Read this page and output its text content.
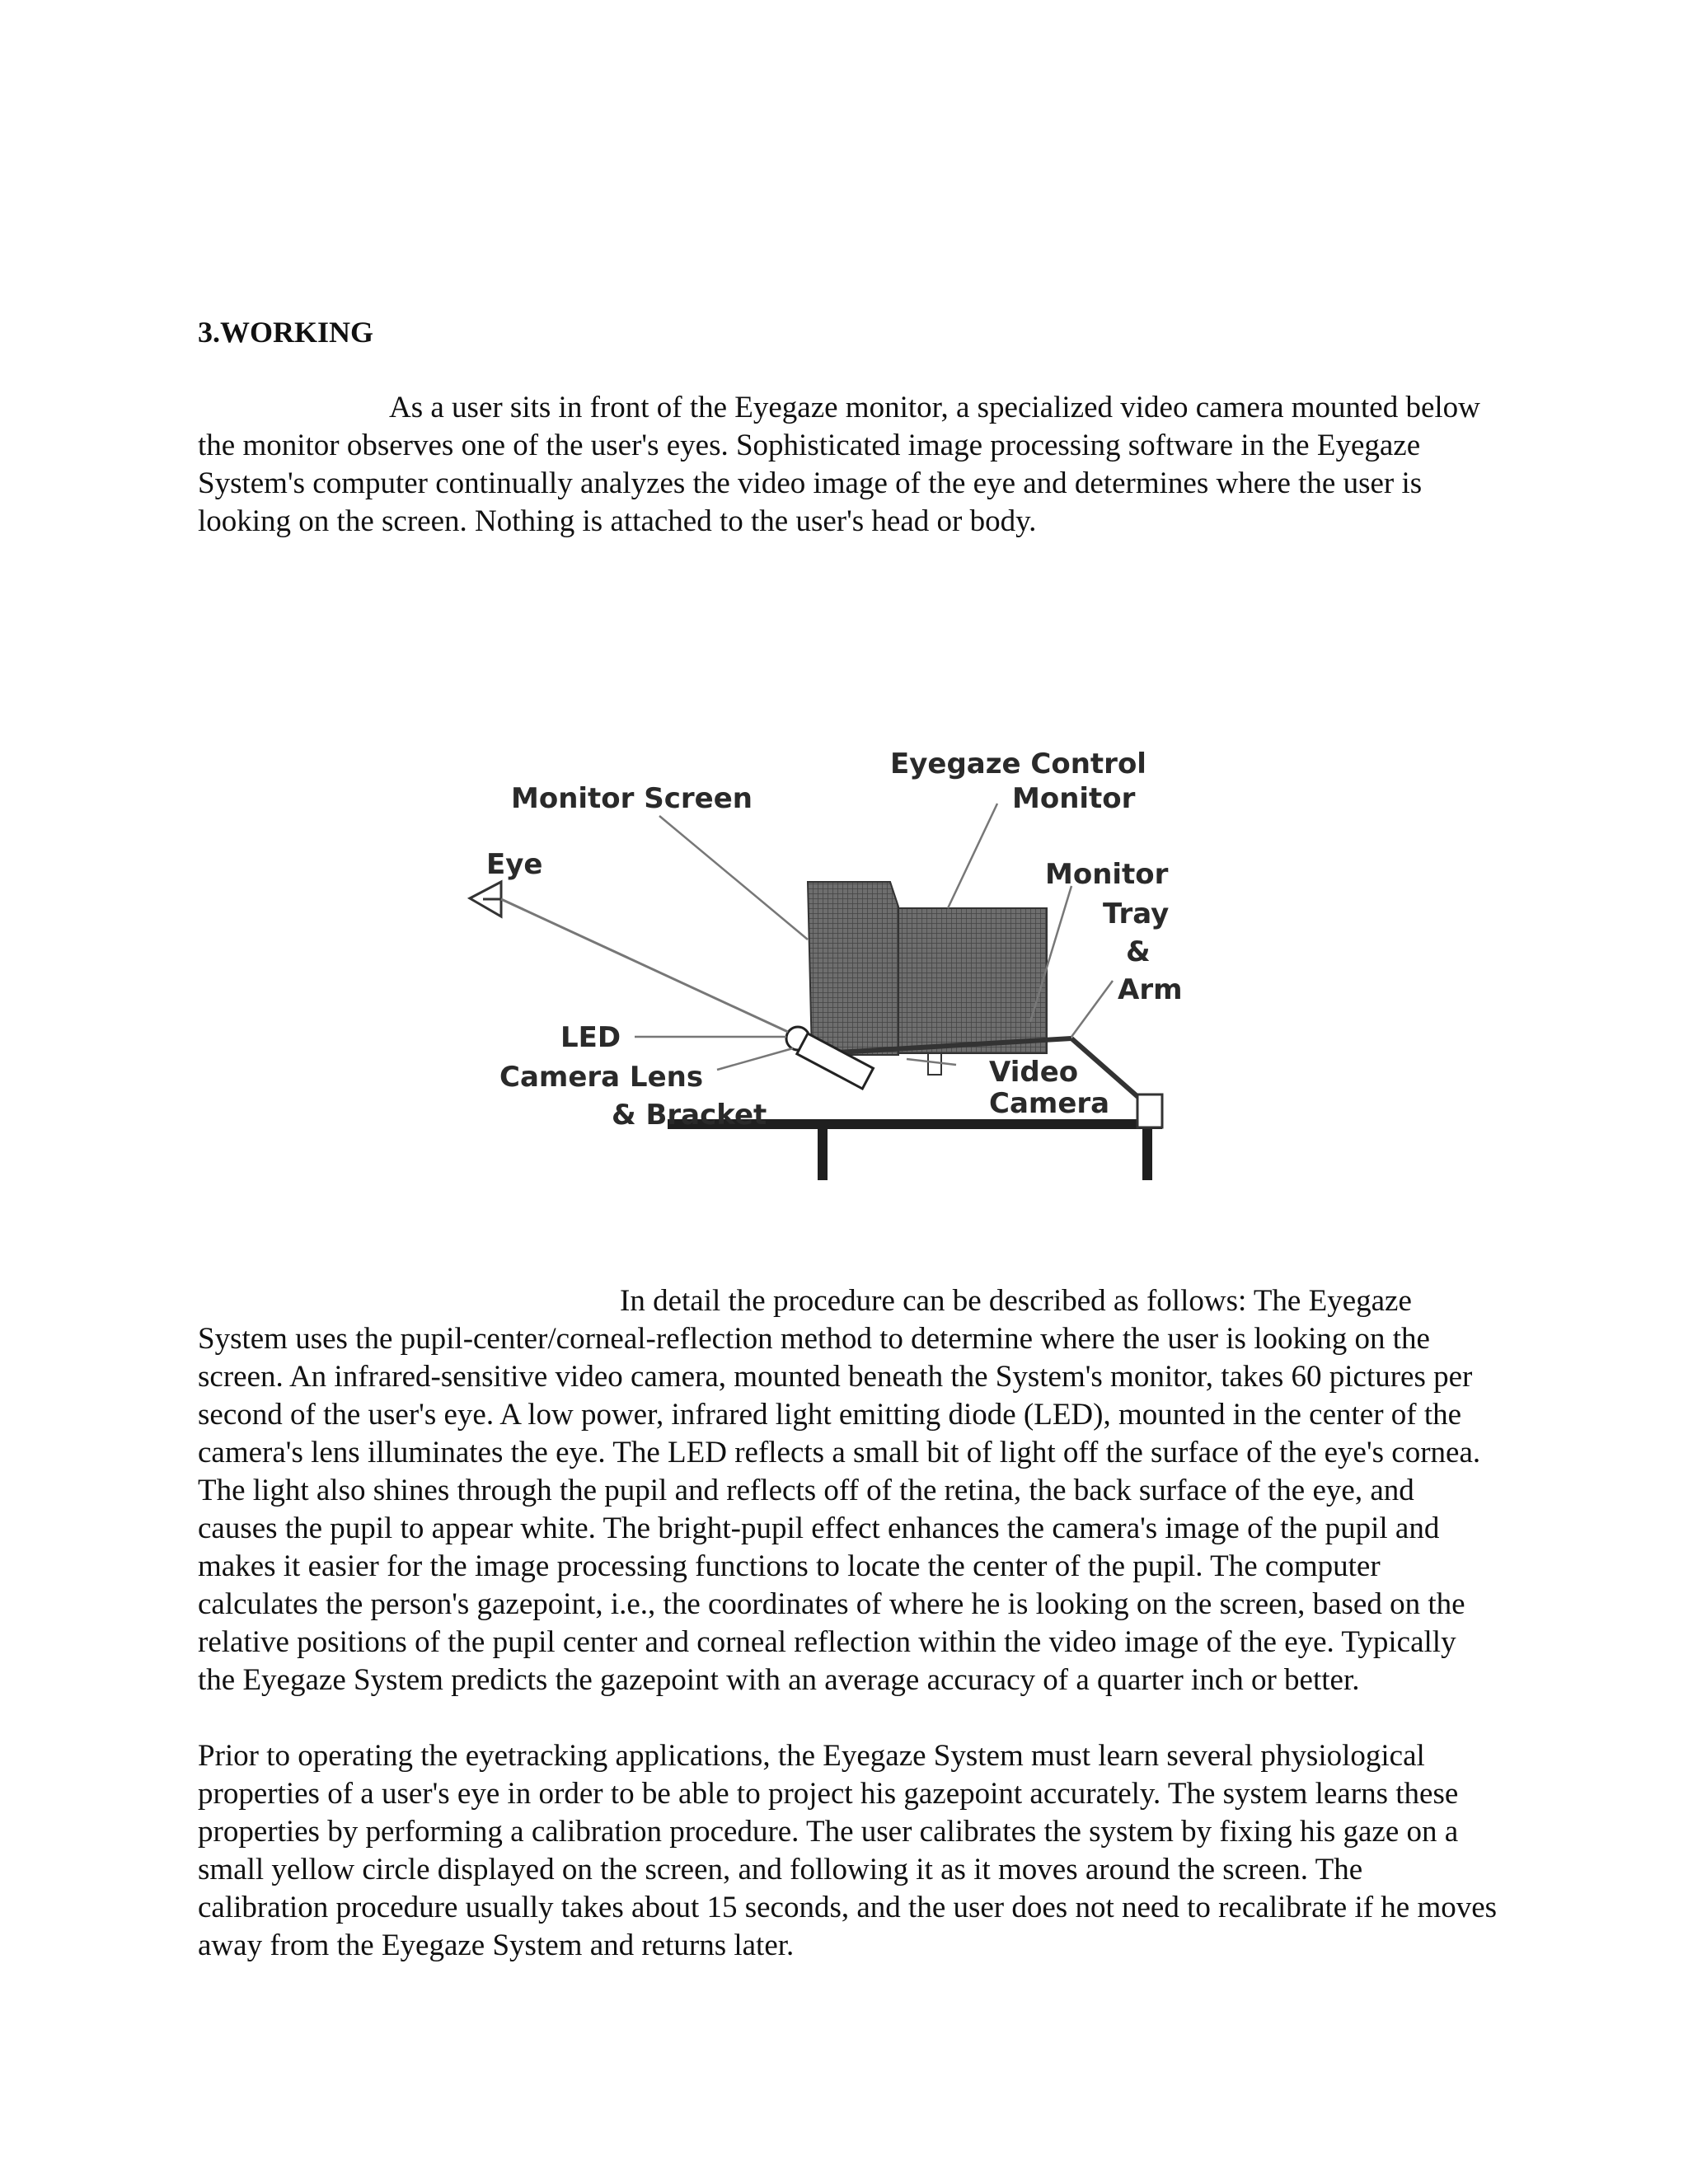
3.WORKING

As a user sits in front of the Eyegaze monitor, a specialized video camera mounted below the monitor observes one of the user's eyes. Sophisticated image processing software in the Eyegaze System's computer continually analyzes the video image of the eye and determines where the user is looking on the screen. Nothing is attached to the user's head or body.

Monitor Screen
Eyegaze Control
Monitor
Eye	Monitor
Tray
&
Arm
LED
Camera Lens
& Bracket
Video
Camera

In detail the procedure can be described as follows: The Eyegaze System uses the pupil-center/corneal-reflection method to determine where the user is looking on the screen. An infrared-sensitive video camera, mounted beneath the System's monitor, takes 60 pictures per second of the user's eye. A low power, infrared light emitting diode (LED), mounted in the center of the camera's lens illuminates the eye. The LED reflects a small bit of light off the surface of the eye's cornea. The light also shines through the pupil and reflects off of the retina, the back surface of the eye, and causes the pupil to appear white. The bright-pupil effect enhances the camera's image of the pupil and makes it easier for the image processing functions to locate the center of the pupil. The computer calculates the person's gazepoint, i.e., the coordinates of where he is looking on the screen, based on the relative positions of the pupil center and corneal reflection within the video image of the eye. Typically the Eyegaze System predicts the gazepoint with an average accuracy of a quarter inch or better.

Prior to operating the eyetracking applications, the Eyegaze System must learn several physiological properties of a user's eye in order to be able to project his gazepoint accurately. The system learns these properties by performing a calibration procedure. The user calibrates the system by fixing his gaze on a small yellow circle displayed on the screen, and following it as it moves around the screen. The calibration procedure usually takes about 15 seconds, and the user does not need to recalibrate if he moves away from the Eyegaze System and returns later.
